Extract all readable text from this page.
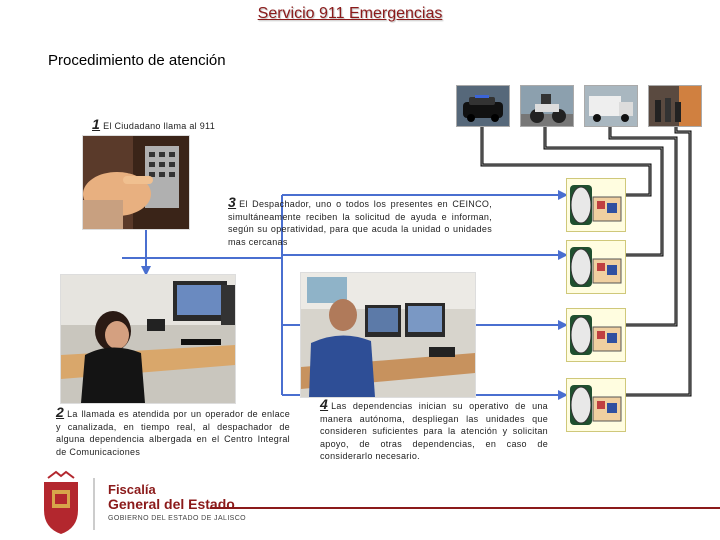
Servicio 911 Emergencias
Procedimiento de atención
1 El Ciudadano llama al 911
3 El Despachador, uno o todos los presentes en CEINCO, simultáneamente reciben la solicitud de ayuda e informan, según su operatividad, para que acuda la unidad o unidades mas cercanas
2 La llamada es atendida por un operador de enlace y canalizada, en tiempo real, al despachador de alguna dependencia albergada en el Centro Integral de Comunicaciones
4 Las dependencias inician su operativo de una manera autónoma, despliegan las unidades que consideren suficientes para la atención y solicitan apoyo, de otras dependencias, en caso de considerarlo necesario.
Fiscalía
General del Estado
GOBIERNO DEL ESTADO DE JALISCO
